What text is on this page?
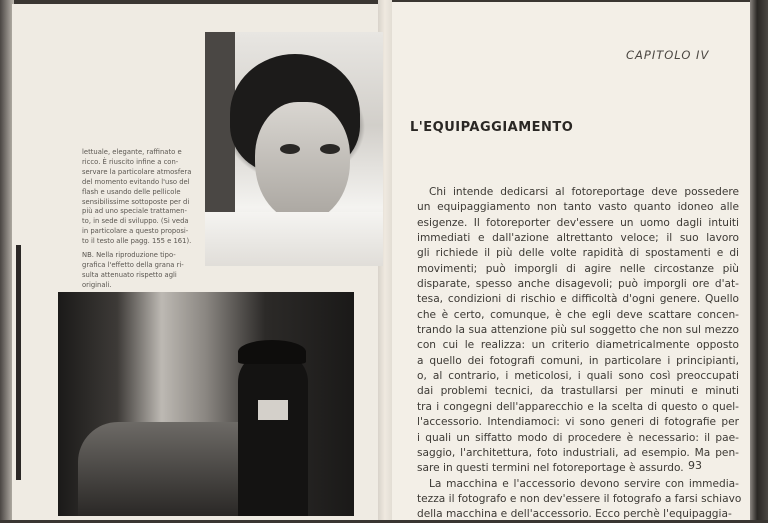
lettuale, elegante, raffinato e
ricco. È riuscito infine a con-
servare la particolare atmosfera
del momento evitando l'uso del
flash e usando delle pellicole
sensibilissime sottoposte per di
più ad uno speciale trattamen-
to, in sede di sviluppo. (Si veda
in particolare a questo proposi-
to il testo alle pagg. 155 e 161).
NB. Nella riproduzione tipo-
grafica l'effetto della grana ri-
sulta attenuato rispetto agli
originali.
CAPITOLO IV
L'EQUIPAGGIAMENTO
Chi intende dedicarsi al fotoreportage deve possedere
un equipaggiamento non tanto vasto quanto idoneo alle
esigenze. Il fotoreporter dev'essere un uomo dagli intuiti
immediati e dall'azione altrettanto veloce; il suo lavoro
gli richiede il più delle volte rapidità di spostamenti e di
movimenti; può imporgli di agire nelle circostanze più
disparate, spesso anche disagevoli; può imporgli ore d'at-
tesa, condizioni di rischio e difficoltà d'ogni genere. Quello
che è certo, comunque, è che egli deve scattare concen-
trando la sua attenzione più sul soggetto che non sul mezzo
con cui le realizza: un criterio diametricalmente opposto
a quello dei fotografi comuni, in particolare i principianti,
o, al contrario, i meticolosi, i quali sono così preoccupati
dai problemi tecnici, da trastullarsi per minuti e minuti
tra i congegni dell'apparecchio e la scelta di questo o quel-
l'accessorio. Intendiamoci: vi sono generi di fotografie per
i quali un siffatto modo di procedere è necessario: il pae-
saggio, l'architettura, foto industriali, ad esempio. Ma pen-
sare in questi termini nel fotoreportage è assurdo.
La macchina e l'accessorio devono servire con immedia-
tezza il fotografo e non dev'essere il fotografo a farsi schiavo
della macchina e dell'accessorio. Ecco perchè l'equipaggia-
93
